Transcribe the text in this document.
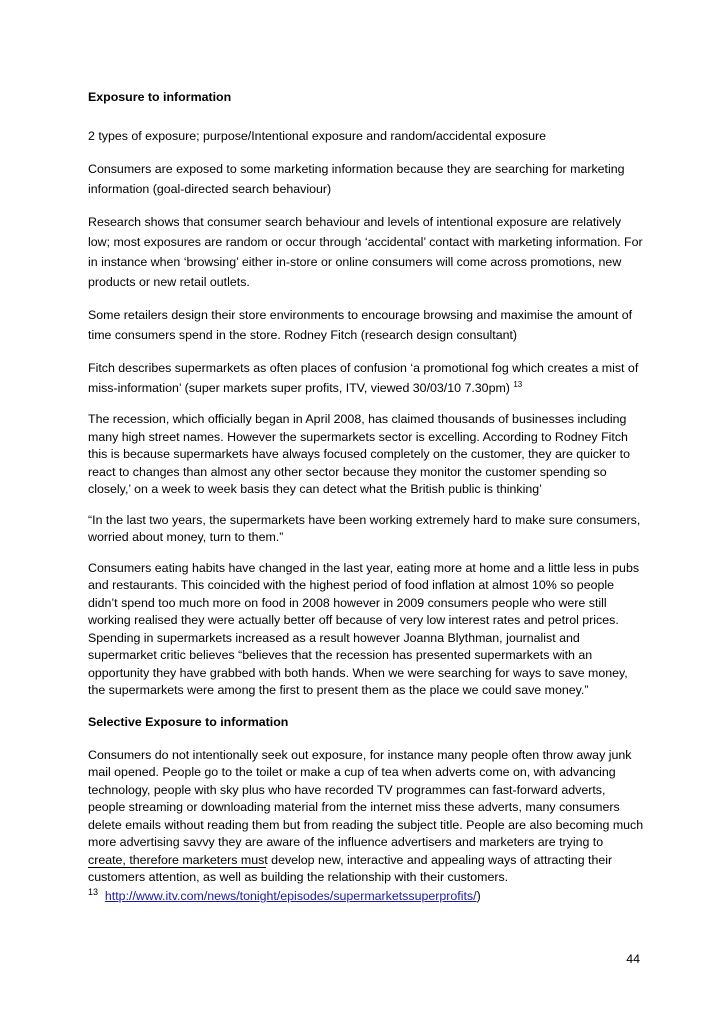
Exposure to information

2 types of exposure; purpose/Intentional exposure and random/accidental exposure

Consumers are exposed to some marketing information because they are searching for marketing information (goal-directed search behaviour)

Research shows that consumer search behaviour and levels of intentional exposure are relatively low; most exposures are random or occur through ‘accidental’ contact with marketing information. For in instance when ‘browsing’ either in-store or online consumers will come across promotions, new products or new retail outlets.

Some retailers design their store environments to encourage browsing and maximise the amount of time consumers spend in the store. Rodney Fitch (research design consultant)

Fitch describes supermarkets as often places of confusion ‘a promotional fog which creates a mist of miss-information’ (super markets super profits, ITV, viewed 30/03/10 7.30pm) $^{13}$

The recession, which officially began in April 2008, has claimed thousands of businesses including many high street names. However the supermarkets sector is excelling. According to Rodney Fitch this is because supermarkets have always focused completely on the customer, they are quicker to react to changes than almost any other sector because they monitor the customer spending so closely,’ on a week to week basis they can detect what the British public is thinking’

“In the last two years, the supermarkets have been working extremely hard to make sure consumers, worried about money, turn to them.”

Consumers eating habits have changed in the last year, eating more at home and a little less in pubs and restaurants. This coincided with the highest period of food inflation at almost 10% so people didn’t spend too much more on food in 2008 however in 2009 consumers people who were still working realised they were actually better off because of very low interest rates and petrol prices. Spending in supermarkets increased as a result however Joanna Blythman, journalist and supermarket critic believes “believes that the recession has presented supermarkets with an opportunity they have grabbed with both hands. When we were searching for ways to save money, the supermarkets were among the first to present them as the place we could save money.”

Selective Exposure to information

Consumers do not intentionally seek out exposure, for instance many people often throw away junk mail opened. People go to the toilet or make a cup of tea when adverts come on, with advancing technology, people with sky plus who have recorded TV programmes can fast-forward adverts, people streaming or downloading material from the internet miss these adverts, many consumers delete emails without reading them but from reading the subject title. People are also becoming much more advertising savvy they are aware of the influence advertisers and marketers are trying to create, therefore marketers must develop new, interactive and appealing ways of attracting their customers attention, as well as building the relationship with their customers.

$^{13}$ http://www.itv.com/news/tonight/episodes/supermarketssuperprofits/)
44
